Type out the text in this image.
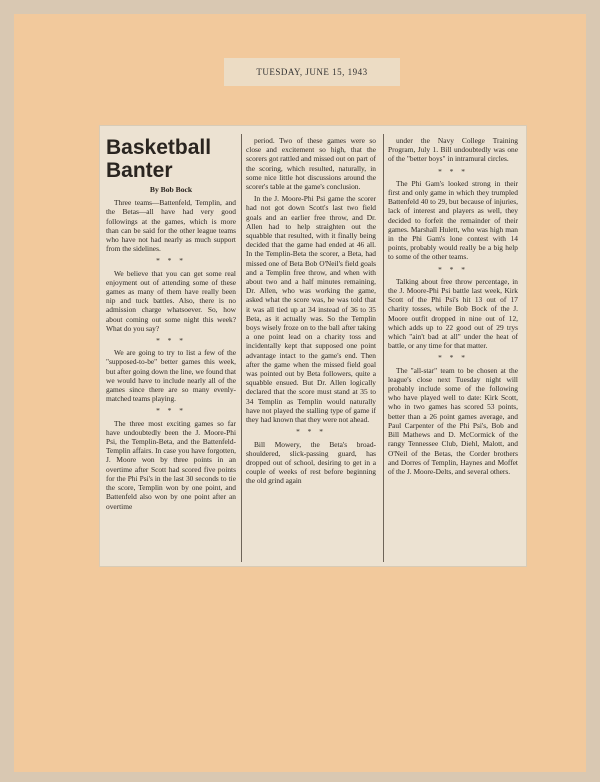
TUESDAY, JUNE 15, 1943
Basketball
Banter

By Bob Bock

Three teams—Battenfeld, Templin, and the Betas—all have had very good followings at the games, which is more than can be said for the other league teams who have not had nearly as much support from the sidelines.

* * *

We believe that you can get some real enjoyment out of attending some of these games as many of them have really been nip and tuck battles. Also, there is no admission charge whatsoever. So, how about coming out some night this week? What do you say?

* * *

We are going to try to list a few of the "supposed-to-be" better games this week, but after going down the line, we found that we would have to include nearly all of the games since there are so many evenly-matched teams playing.

* * *

The three most exciting games so far have undoubtedly been the J. Moore-Phi Psi, the Templin-Beta, and the Battenfeld-Templin affairs. In case you have forgotten, J. Moore won by three points in an overtime after Scott had scored five points for the Phi Psi's in the last 30 seconds to tie the score, Templin won by one point, and Battenfeld also won by one point after an overtime

period. Two of these games were so close and excitement so high, that the scorers got rattled and missed out on part of the scoring, which resulted, naturally, in some nice little hot discussions around the scorer's table at the game's conclusion.

In the J. Moore-Phi Psi game the scorer had not got down Scott's last two field goals and an earlier free throw, and Dr. Allen had to help straighten out the squabble that resulted, with it finally being decided that the game had ended at 46 all. In the Templin-Beta the scorer, a Beta, had missed one of Beta Bob O'Neil's field goals and a Templin free throw, and when with about two and a half minutes remaining, Dr. Allen, who was working the game, asked what the score was, he was told that it was all tied up at 34 instead of 36 to 35 Beta, as it actually was. So the Templin boys wisely froze on to the ball after taking a one point lead on a charity toss and incidentally kept that supposed one point advantage intact to the game's end. Then after the game when the missed field goal was pointed out by Beta followers, quite a squabble ensued. But Dr. Allen logically declared that the score must stand at 35 to 34 Templin as Templin would naturally have not played the stalling type of game if they had known that they were not ahead.

* * *

Bill Mowery, the Beta's broad-shouldered, slick-passing guard, has dropped out of school, desiring to get in a couple of weeks of rest before beginning the old grind again

under the Navy College Training Program, July 1. Bill undoubtedly was one of the "better boys" in intramural circles.

* * *

The Phi Gam's looked strong in their first and only game in which they trumpled Battenfeld 40 to 29, but because of injuries, lack of interest and players as well, they decided to forfeit the remainder of their games. Marshall Hulett, who was high man in the Phi Gam's lone contest with 14 points, probably would really be a big help to some of the other teams.

* * *

Talking about free throw percentage, in the J. Moore-Phi Psi battle last week, Kirk Scott of the Phi Psi's hit 13 out of 17 charity tosses, while Bob Bock of the J. Moore outfit dropped in nine out of 12, which adds up to 22 good out of 29 trys which "ain't bad at all" under the heat of battle, or any time for that matter.

* * *

The "all-star" team to be chosen at the league's close next Tuesday night will probably include some of the following who have played well to date: Kirk Scott, who in two games has scored 53 points, better than a 26 point games average, and Paul Carpenter of the Phi Psi's, Bob and Bill Mathews and D. McCormick of the rangy Tennessee Club, Diehl, Malott, and O'Neil of the Betas, the Corder brothers and Dorres of Templin, Haynes and Moffet of the J. Moore-Delts, and several others.
